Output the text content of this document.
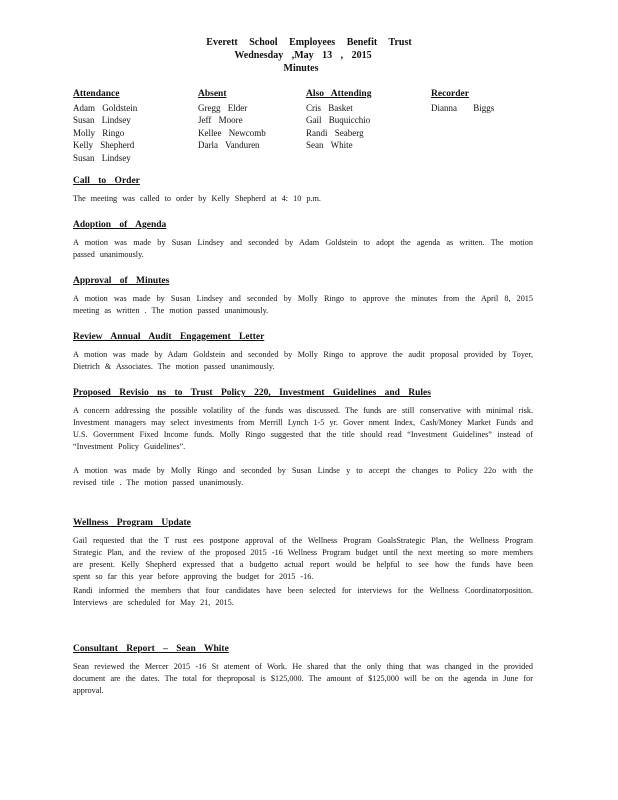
Everett School Employees Benefit Trust
Wednesday ,May 13 , 2015
Minutes
Attendance
Adam Goldstein
Susan Lindsey
Molly Ringo
Kelly Shepherd
Susan Lindsey
Absent
Gregg Elder
Jeff Moore
Kellee Newcomb
Darla Vanduren
Also Attending
Cris Basket
Gail Buquicchio
Randi Seaberg
Sean White
Recorder
Dianna Biggs
Call to Order

The meeting was called to order by Kelly Shepherd at 4: 10 p.m.

Adoption of Agenda

A motion was made by Susan Lindsey and seconded by Adam Goldstein to adopt the agenda as written. The motion passed unanimously.

Approval of Minutes

A motion was made by Susan Lindsey and seconded by Molly Ringo to approve the minutes from the April 8, 2015 meeting as written . The motion passed unanimously.

Review Annual Audit Engagement Letter

A motion was made by Adam Goldstein and seconded by Molly Ringo to approve the audit proposal provided by Toyer, Dietrich & Associates. The motion passed unanimously.

Proposed Revisio ns to Trust Policy 220, Investment Guidelines and Rules

A concern addressing the possible volatility of the funds was discussed. The funds are still conservative with minimal risk. Investment managers may select investments from Merrill Lynch 1-5 yr. Gover nment Index, Cash/Money Market Funds and U.S. Government Fixed Income funds. Molly Ringo suggested that the title should read “Investment Guidelines” instead of “Investment Policy Guidelines”.

A motion was made by Molly Ringo and seconded by Susan Lindse y to accept the changes to Policy 22o with the revised title . The motion passed unanimously.

Wellness Program Update

Gail requested that the T rust ees postpone approval of the Wellness Program GoalsStrategic Plan, the Wellness Program Strategic Plan, and the review of the proposed 2015 -16 Wellness Program budget until the next meeting so more members are present. Kelly Shepherd expressed that a budgetto actual report would be helpful to see how the funds have been spent so far this year before approving the budget for 2015 -16.

Randi informed the members that four candidates have been selected for interviews for the Wellness Coordinatorposition. Interviews are scheduled for May 21, 2015.

Consultant Report – Sean White

Sean reviewed the Mercer 2015 -16 St atement of Work. He shared that the only thing that was changed in the provided document are the dates. The total for theproposal is $125,000. The amount of $125,000 will be on the agenda in June for approval.
